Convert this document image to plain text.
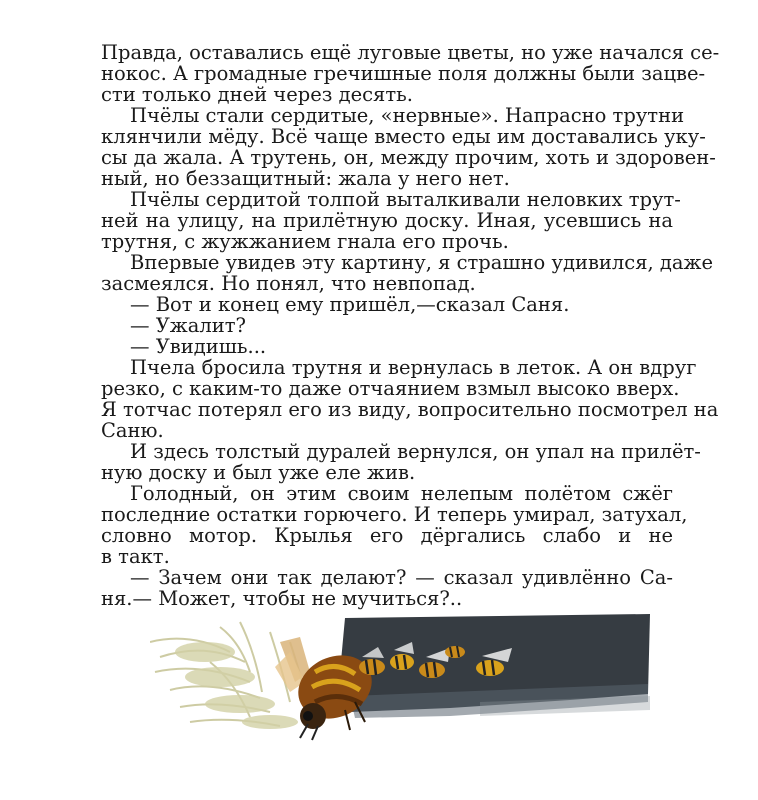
Правда, оставались ещё луговые цветы, но уже начался се-
нокос. А громадные гречишные поля должны были зацве-
сти только дней через десять.
Пчёлы стали сердитые, «нервные». Напрасно трутни
клянчили мёду. Всё чаще вместо еды им доставались уку-
сы да жала. А трутень, он, между прочим, хоть и здоровен-
ный, но беззащитный: жала у него нет.
Пчёлы сердитой толпой выталкивали неловких трут-
ней на улицу, на прилётную доску. Иная, усевшись на
трутня, с жужжанием гнала его прочь.
Впервые увидев эту картину, я страшно удивился, даже
засмеялся. Но понял, что невпопад.
— Вот и конец ему пришёл,—сказал Саня.
— Ужалит?
— Увидишь...
Пчела бросила трутня и вернулась в леток. А он вдруг
резко, с каким-то даже отчаянием взмыл высоко вверх.
Я тотчас потерял его из виду, вопросительно посмотрел на
Саню.
И здесь толстый дуралей вернулся, он упал на прилёт-
ную доску и был уже еле жив.
Голодный, он этим своим нелепым полётом сжёг
последние остатки горючего. И теперь умирал, затухал,
словно мотор. Крылья его дёргались слабо и не
в такт.
— Зачем они так делают? — сказал удивлённо Са-
ня.— Может, чтобы не мучиться?..
